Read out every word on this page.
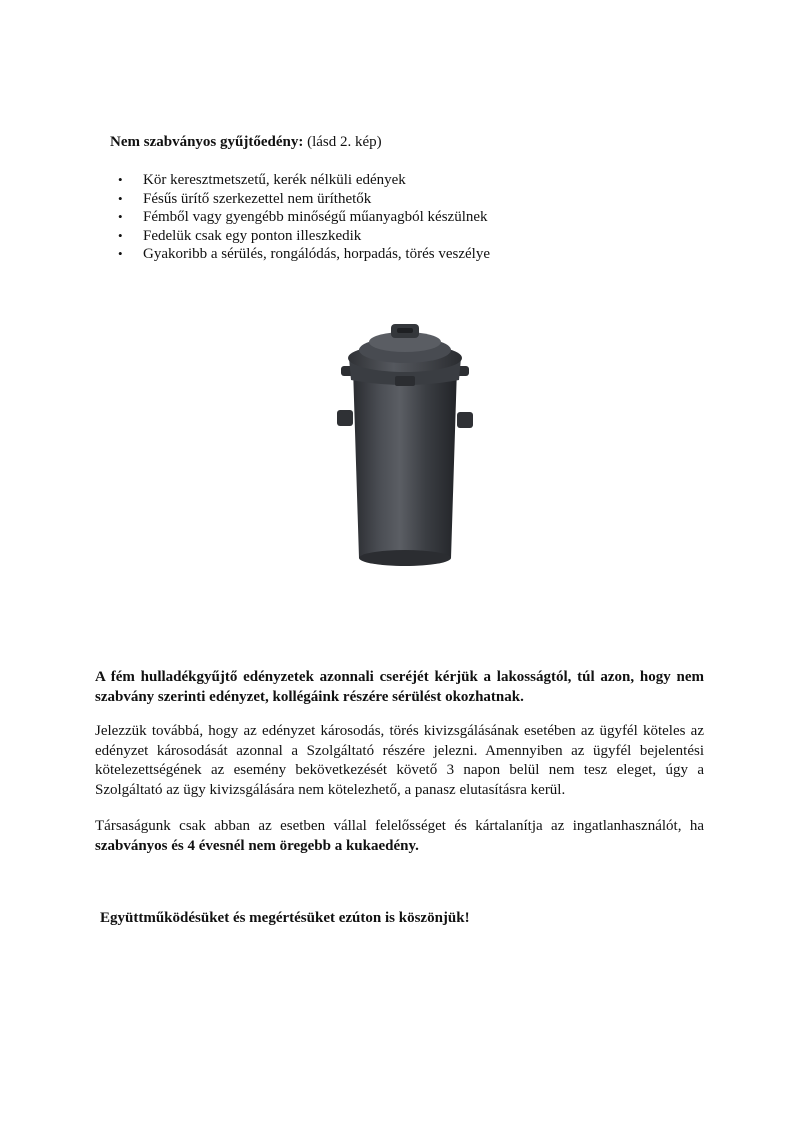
Nem szabványos gyűjtőedény: (lásd 2. kép)

• Kör keresztmetszetű, kerék nélküli edények
• Fésűs ürítő szerkezettel nem üríthetők
• Fémből vagy gyengébb minőségű műanyagból készülnek
• Fedelük csak egy ponton illeszkedik
• Gyakoribb a sérülés, rongálódás, horpadás, törés veszélye

A fém hulladékgyűjtő edényzetek azonnali cseréjét kérjük a lakosságtól, túl azon, hogy nem szabvány szerinti edényzet, kollégáink részére sérülést okozhatnak.

Jelezzük továbbá, hogy az edényzet károsodás, törés kivizsgálásának esetében az ügyfél köteles az edényzet károsodását azonnal a Szolgáltató részére jelezni. Amennyiben az ügyfél bejelentési kötelezettségének az esemény bekövetkezését követő 3 napon belül nem tesz eleget, úgy a Szolgáltató az ügy kivizsgálására nem kötelezhető, a panasz elutasításra kerül.

Társaságunk csak abban az esetben vállal felelősséget és kártalanítja az ingatlanhasználót, ha szabványos és 4 évesnél nem öregebb a kukaedény.

Együttműködésüket és megértésüket ezúton is köszönjük!
